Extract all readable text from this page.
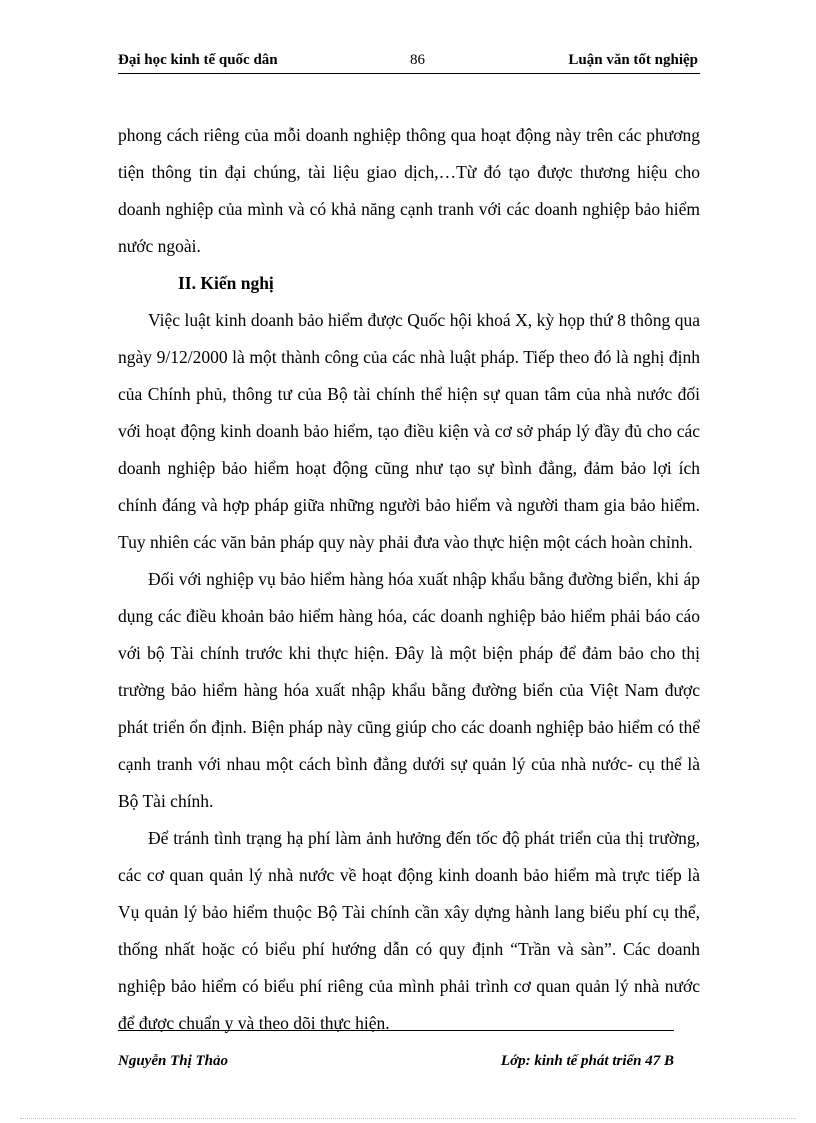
Đại học kinh tế quốc dân	86	Luận văn tốt nghiệp

phong cách riêng của mỗi doanh nghiệp thông qua hoạt động này trên các phương tiện thông tin đại chúng, tài liệu giao dịch,…Từ đó tạo được thương hiệu cho doanh nghiệp của mình và có khả năng cạnh tranh với các doanh nghiệp bảo hiểm nước ngoài.

II. Kiến nghị

Việc luật kinh doanh bảo hiểm được Quốc hội khoá X, kỳ họp thứ 8 thông qua ngày 9/12/2000 là một thành công của các nhà luật pháp. Tiếp theo đó là nghị định của Chính phủ, thông tư của Bộ tài chính thể hiện sự quan tâm của nhà nước đối với hoạt động kinh doanh bảo hiểm, tạo điều kiện và cơ sở pháp lý đầy đủ cho các doanh nghiệp bảo hiểm hoạt động cũng như tạo sự bình đẳng, đảm bảo lợi ích chính đáng và hợp pháp giữa những người bảo hiểm và người tham gia bảo hiểm. Tuy nhiên các văn bản pháp quy này phải đưa vào thực hiện một cách hoàn chỉnh.

Đối với nghiệp vụ bảo hiểm hàng hóa xuất nhập khẩu bằng đường biển, khi áp dụng các điều khoản bảo hiểm hàng hóa, các doanh nghiệp bảo hiểm phải báo cáo với bộ Tài chính trước khi thực hiện. Đây là một biện pháp để đảm bảo cho thị trường bảo hiểm hàng hóa xuất nhập khẩu bằng đường biển của Việt Nam được phát triển ổn định. Biện pháp này cũng giúp cho các doanh nghiệp bảo hiểm có thể cạnh tranh với nhau một cách bình đẳng dưới sự quản lý của nhà nước- cụ thể là Bộ Tài chính.

Để tránh tình trạng hạ phí làm ảnh hưởng đến tốc độ phát triển của thị trường, các cơ quan quản lý nhà nước về hoạt động kinh doanh bảo hiểm mà trực tiếp là Vụ quản lý bảo hiểm thuộc Bộ Tài chính cần xây dựng hành lang biểu phí cụ thể, thống nhất hoặc có biểu phí hướng dẫn có quy định “Trần và sàn”. Các doanh nghiệp bảo hiểm có biểu phí riêng của mình phải trình cơ quan quản lý nhà nước để được chuẩn y và theo dõi thực hiện.

Nguyễn Thị Thảo	Lớp: kinh tế phát triển 47 B
